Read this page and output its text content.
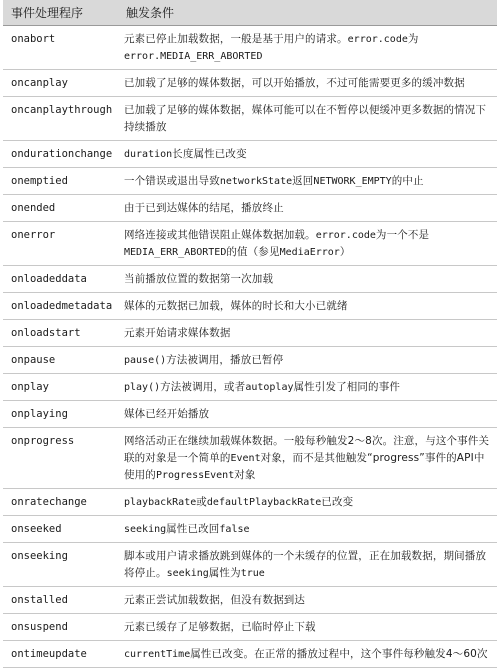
事件处理程序	触发条件
onabort	元素已停止加载数据，一般是基于用户的请求。error.code为error.MEDIA_ERR_ABORTED
oncanplay	已加载了足够的媒体数据，可以开始播放，不过可能需要更多的缓冲数据
oncanplaythrough	已加载了足够的媒体数据，媒体可能可以在不暂停以便缓冲更多数据的情况下持续播放
ondurationchange	duration长度属性已改变
onemptied	一个错误或退出导致networkState返回NETWORK_EMPTY的中止
onended	由于已到达媒体的结尾，播放终止
onerror	网络连接或其他错误阻止媒体数据加载。error.code为一个不是MEDIA_ERR_ABORTED的值（参见MediaError）
onloadeddata	当前播放位置的数据第一次加载
onloadedmetadata	媒体的元数据已加载，媒体的时长和大小已就绪
onloadstart	元素开始请求媒体数据
onpause	pause()方法被调用，播放已暂停
onplay	play()方法被调用，或者autoplay属性引发了相同的事件
onplaying	媒体已经开始播放
onprogress	网络活动正在继续加载媒体数据。一般每秒触发2～8次。注意，与这个事件关联的对象是一个简单的Event对象，而不是其他触发“progress”事件的API中使用的ProgressEvent对象
onratechange	playbackRate或defaultPlaybackRate已改变
onseeked	seeking属性已改回false
onseeking	脚本或用户请求播放跳到媒体的一个未缓存的位置，正在加载数据，期间播放将停止。seeking属性为true
onstalled	元素正尝试加载数据，但没有数据到达
onsuspend	元素已缓存了足够数据，已临时停止下载
ontimeupdate	currentTime属性已改变。在正常的播放过程中，这个事件每秒触发4～60次
